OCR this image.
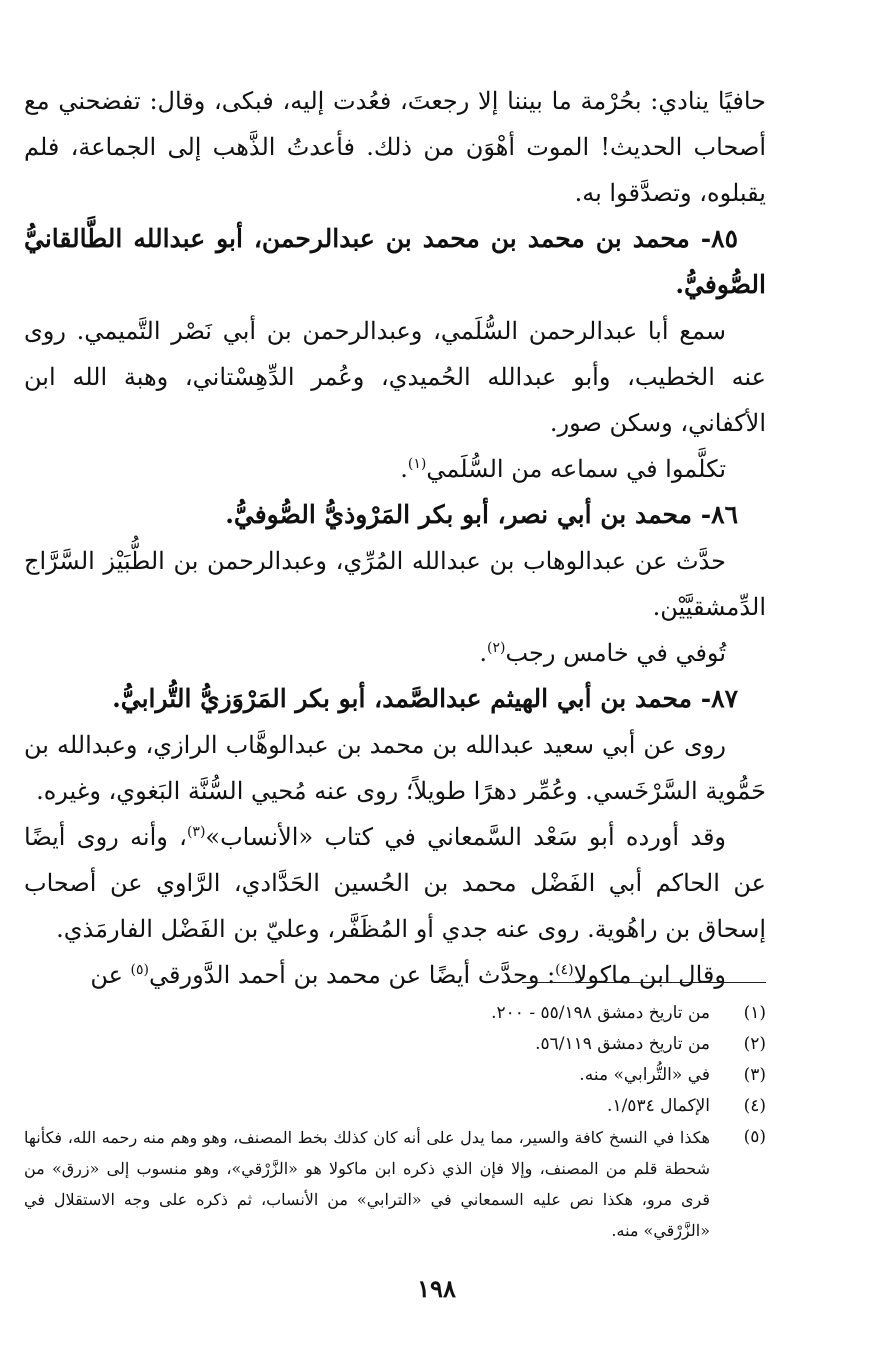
حافيًا ينادي: بحُرْمة ما بيننا إلا رجعتَ، فعُدت إليه، فبكى، وقال: تفضحني مع أصحاب الحديث! الموت أهْوَن من ذلك. فأعدتُ الذَّهب إلى الجماعة، فلم يقبلوه، وتصدَّقوا به.

٨٥- محمد بن محمد بن محمد بن عبدالرحمن، أبو عبدالله الطَّالقانيُّ الصُّوفيُّ.

سمع أبا عبدالرحمن السُّلَمي، وعبدالرحمن بن أبي نَصْر التَّميمي. روى عنه الخطيب، وأبو عبدالله الحُميدي، وعُمر الدِّهِسْتاني، وهبة الله ابن الأكفاني، وسكن صور.

تكلَّموا في سماعه من السُّلَمي$^{(١)}$.

٨٦- محمد بن أبي نصر، أبو بكر المَرْوذيُّ الصُّوفيُّ.

حدَّث عن عبدالوهاب بن عبدالله المُرِّي، وعبدالرحمن بن الطُّبَيْز السَّرَّاج الدِّمشقيَّيْن.

تُوفي في خامس رجب$^{(٢)}$.

٨٧- محمد بن أبي الهيثم عبدالصَّمد، أبو بكر المَرْوَزيُّ التُّرابيُّ.

روى عن أبي سعيد عبدالله بن محمد بن عبدالوهَّاب الرازي، وعبدالله بن حَمُّوية السَّرْخَسي. وعُمِّر دهرًا طويلاً؛ روى عنه مُحيي السُّنَّة البَغوي، وغيره.

وقد أورده أبو سَعْد السَّمعاني في كتاب «الأنساب»$^{(٣)}$، وأنه روى أيضًا عن الحاكم أبي الفَضْل محمد بن الحُسين الحَدَّادي، الرَّاوي عن أصحاب إسحاق بن راهُوية. روى عنه جدي أو المُظَفَّر، وعليّ بن الفَضْل الفارمَذي.

وقال ابن ماكولا$^{(٤)}$: وحدَّث أيضًا عن محمد بن أحمد الدَّورقي$^{(٥)}$ عن

(١)
من تاريخ دمشق ٥٥/١٩٨ - ٢٠٠.
(٢)
من تاريخ دمشق ٥٦/١١٩.
(٣)
في «التُّرابي» منه.
(٤)
الإكمال ١/٥٣٤.
(٥)
هكذا في النسخ كافة والسير، مما يدل على أنه كان كذلك بخط المصنف، وهو وهم منه رحمه الله، فكأنها شحطة قلم من المصنف، وإلا فإن الذي ذكره ابن ماكولا هو «الزَّرْقي»، وهو منسوب إلى «زرق» من قرى مرو، هكذا نص عليه السمعاني في «الترابي» من الأنساب، ثم ذكره على وجه الاستقلال في «الزَّرْقي» منه.
١٩٨
